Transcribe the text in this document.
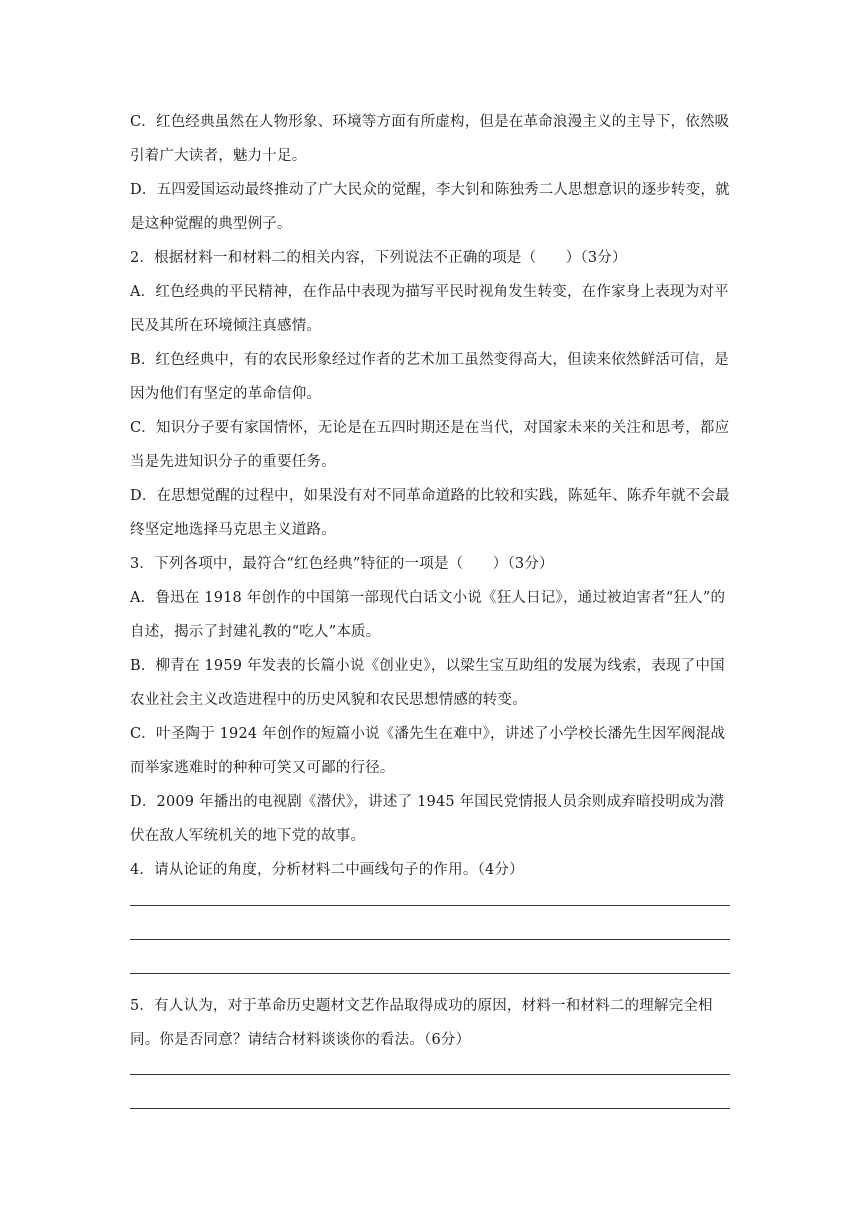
C．红色经典虽然在人物形象、环境等方面有所虚构，但是在革命浪漫主义的主导下，依然吸引着广大读者，魅力十足。

D．五四爱国运动最终推动了广大民众的觉醒，李大钊和陈独秀二人思想意识的逐步转变，就是这种觉醒的典型例子。

2．根据材料一和材料二的相关内容，下列说法不正确的项是（　　）（3分）

A．红色经典的平民精神，在作品中表现为描写平民时视角发生转变，在作家身上表现为对平民及其所在环境倾注真感情。

B．红色经典中，有的农民形象经过作者的艺术加工虽然变得高大，但读来依然鲜活可信，是因为他们有坚定的革命信仰。

C．知识分子要有家国情怀，无论是在五四时期还是在当代，对国家未来的关注和思考，都应当是先进知识分子的重要任务。

D．在思想觉醒的过程中，如果没有对不同革命道路的比较和实践，陈延年、陈乔年就不会最终坚定地选择马克思主义道路。

3．下列各项中，最符合“红色经典”特征的一项是（　　）（3分）

A．鲁迅在 1918 年创作的中国第一部现代白话文小说《狂人日记》，通过被迫害者“狂人”的自述，揭示了封建礼教的“吃人”本质。

B．柳青在 1959 年发表的长篇小说《创业史》，以梁生宝互助组的发展为线索，表现了中国农业社会主义改造进程中的历史风貌和农民思想情感的转变。

C．叶圣陶于 1924 年创作的短篇小说《潘先生在难中》，讲述了小学校长潘先生因军阀混战而举家逃难时的种种可笑又可鄙的行径。

D．2009 年播出的电视剧《潜伏》，讲述了 1945 年国民党情报人员余则成弃暗投明成为潜伏在敌人军统机关的地下党的故事。

4．请从论证的角度，分析材料二中画线句子的作用。（4分）

5．有人认为，对于革命历史题材文艺作品取得成功的原因，材料一和材料二的理解完全相同。你是否同意？请结合材料谈谈你的看法。（6分）
